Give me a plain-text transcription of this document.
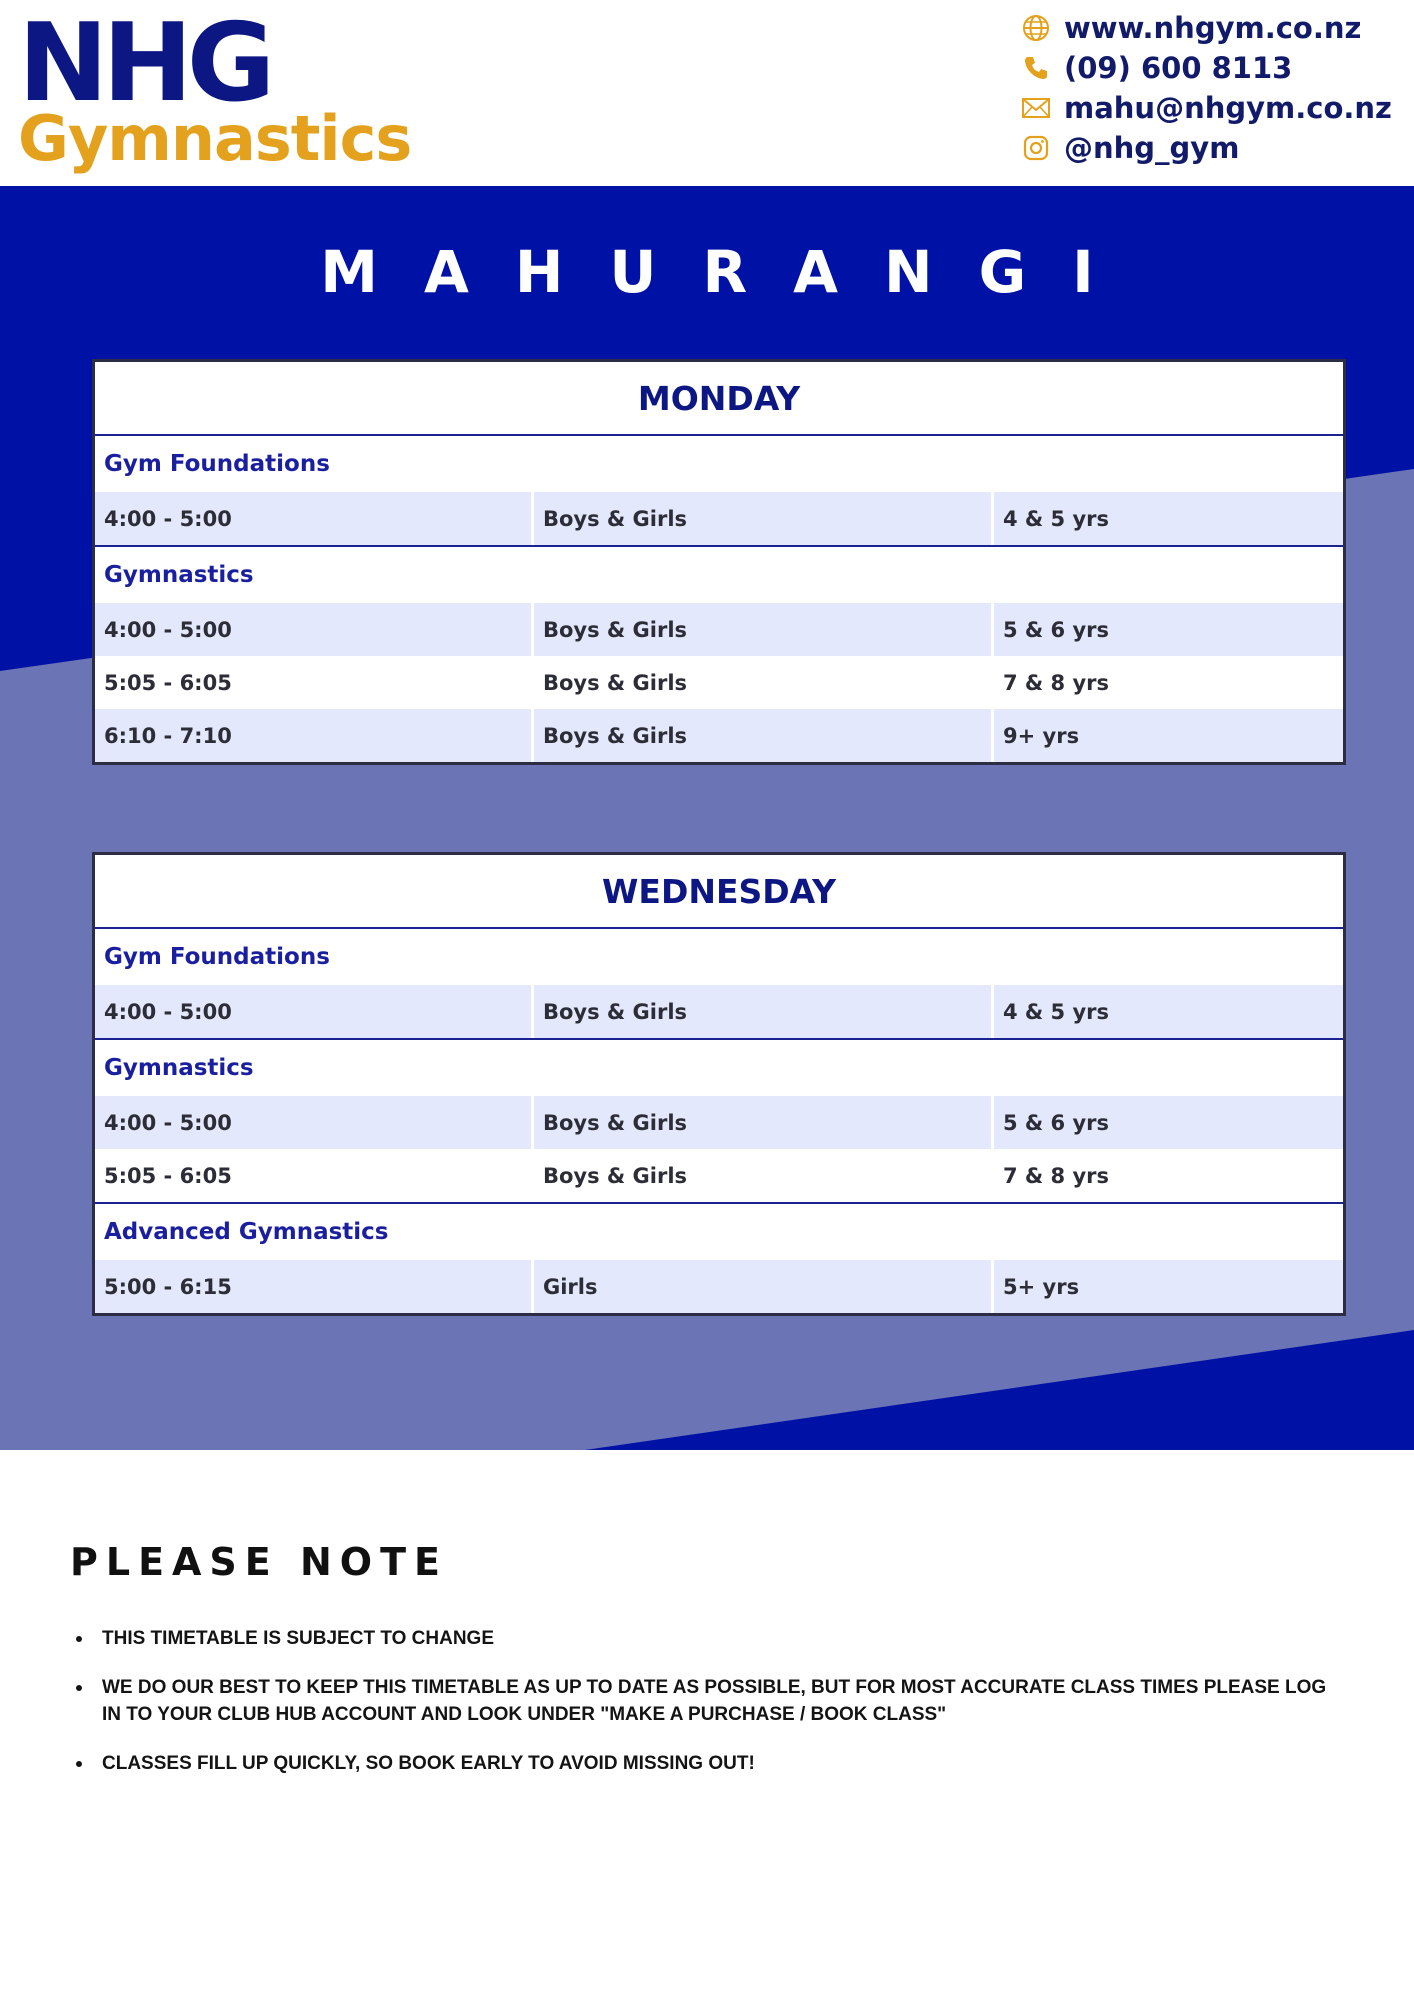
NHG
Gymnastics
www.nhgym.co.nz
(09) 600 8113
mahu@nhgym.co.nz
@nhg_gym
MAHURANGI
MONDAY
Gym Foundations
4:00 - 5:00	Boys & Girls	4 & 5 yrs
Gymnastics
4:00 - 5:00	Boys & Girls	5 & 6 yrs
5:05 - 6:05	Boys & Girls	7 & 8 yrs
6:10 - 7:10	Boys & Girls	9+ yrs
WEDNESDAY
Gym Foundations
4:00 - 5:00	Boys & Girls	4 & 5 yrs
Gymnastics
4:00 - 5:00	Boys & Girls	5 & 6 yrs
5:05 - 6:05	Boys & Girls	7 & 8 yrs
Advanced Gymnastics
5:00 - 6:15	Girls	5+ yrs
PLEASE NOTE
THIS TIMETABLE IS SUBJECT TO CHANGE
WE DO OUR BEST TO KEEP THIS TIMETABLE AS UP TO DATE AS POSSIBLE, BUT FOR MOST ACCURATE CLASS TIMES PLEASE LOG IN TO YOUR CLUB HUB ACCOUNT AND LOOK UNDER "MAKE A PURCHASE / BOOK CLASS"
CLASSES FILL UP QUICKLY, SO BOOK EARLY TO AVOID MISSING OUT!
